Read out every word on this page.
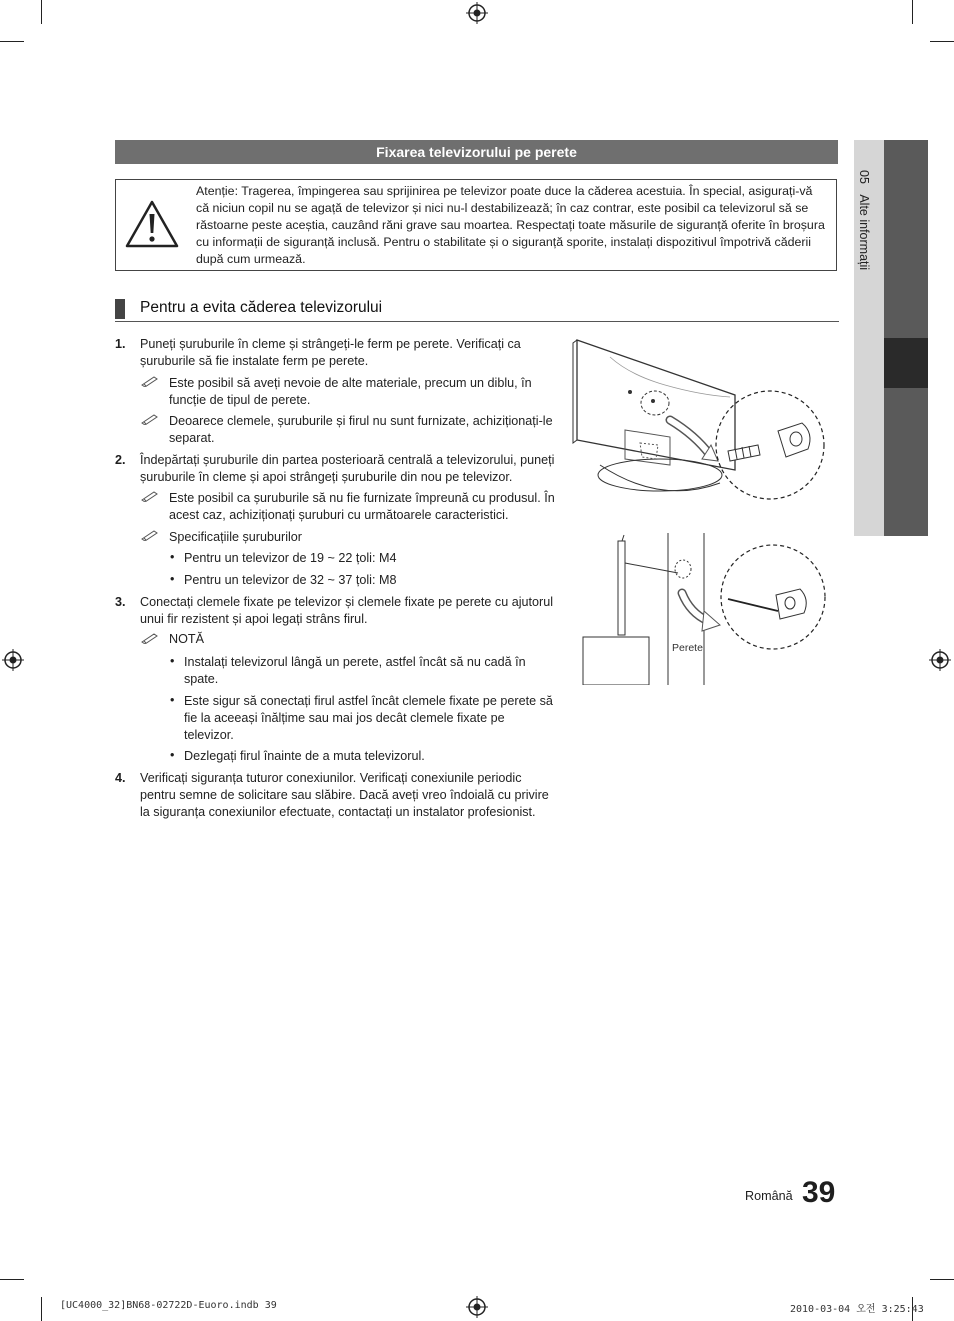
Fixarea televizorului pe perete
Atenție: Tragerea, împingerea sau sprijinirea pe televizor poate duce la căderea acestuia. În special, asigurați-vă că niciun copil nu se agață de televizor și nici nu-l destabilizează; în caz contrar, este posibil ca televizorul să se răstoarne peste aceștia, cauzând răni grave sau moartea. Respectați toate măsurile de siguranță oferite în broșura cu informații de siguranță inclusă. Pentru o stabilitate și o siguranță sporite, instalați dispozitivul împotrivă căderii după cum urmează.
Pentru a evita căderea televizorului
1. Puneți șuruburile în cleme și strângeți-le ferm pe perete. Verificați ca șuruburile să fie instalate ferm pe perete.
Este posibil să aveți nevoie de alte materiale, precum un diblu, în funcție de tipul de perete.
Deoarece clemele, șuruburile și firul nu sunt furnizate, achiziționați-le separat.
2. Îndepărtați șuruburile din partea posterioară centrală a televizorului, puneți șuruburile în cleme și apoi strângeți șuruburile din nou pe televizor.
Este posibil ca șuruburile să nu fie furnizate împreună cu produsul. În acest caz, achiziționați șuruburi cu următoarele caracteristici.
Specificațiile șuruburilor
• Pentru un televizor de 19 ~ 22 țoli: M4
• Pentru un televizor de 32 ~ 37 țoli: M8
3. Conectați clemele fixate pe televizor și clemele fixate pe perete cu ajutorul unui fir rezistent și apoi legați strâns firul.
NOTĂ
• Instalați televizorul lângă un perete, astfel încât să nu cadă în spate.
• Este sigur să conectați firul astfel încât clemele fixate pe perete să fie la aceeași înălțime sau mai jos decât clemele fixate pe televizor.
• Dezlegați firul înainte de a muta televizorul.
4. Verificați siguranța tuturor conexiunilor. Verificați conexiunile periodic pentru semne de solicitare sau slăbire. Dacă aveți vreo îndoială cu privire la siguranța conexiunilor efectuate, contactați un instalator profesionist.
Perete
05   Alte informații
Română 39
[UC4000_32]BN68-02722D-Euoro.indb 39	2010-03-04 오전 3:25:43
